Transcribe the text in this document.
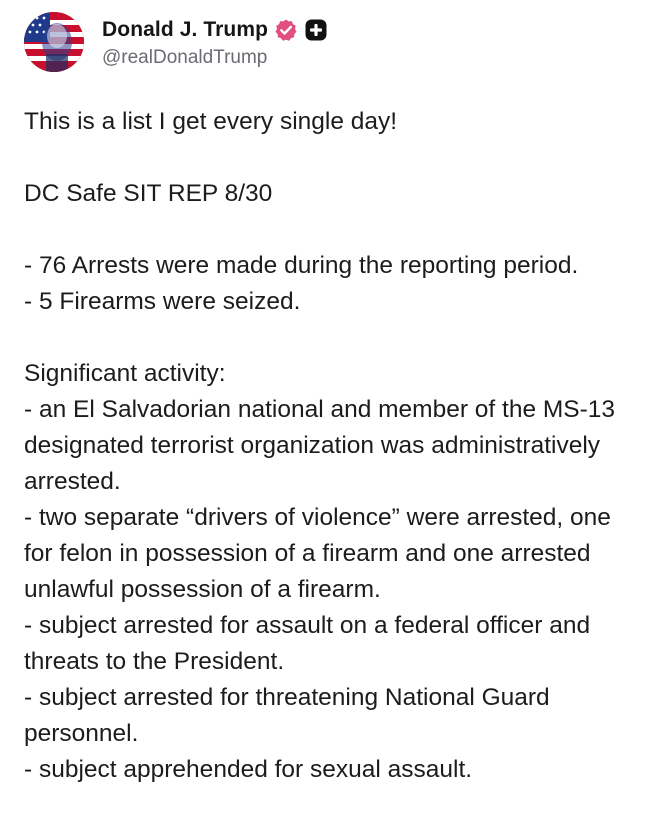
Donald J. Trump
@realDonaldTrump

This is a list I get every single day!

DC Safe SIT REP 8/30

- 76 Arrests were made during the reporting period.

- 5 Firearms were seized.

Significant activity:

- an El Salvadorian national and member of the MS-13 designated terrorist organization was administratively arrested.

- two separate “drivers of violence” were arrested, one for felon in possession of a firearm and one arrested unlawful possession of a firearm.

- subject arrested for assault on a federal officer and threats to the President.

- subject arrested for threatening National Guard personnel.

- subject apprehended for sexual assault.
